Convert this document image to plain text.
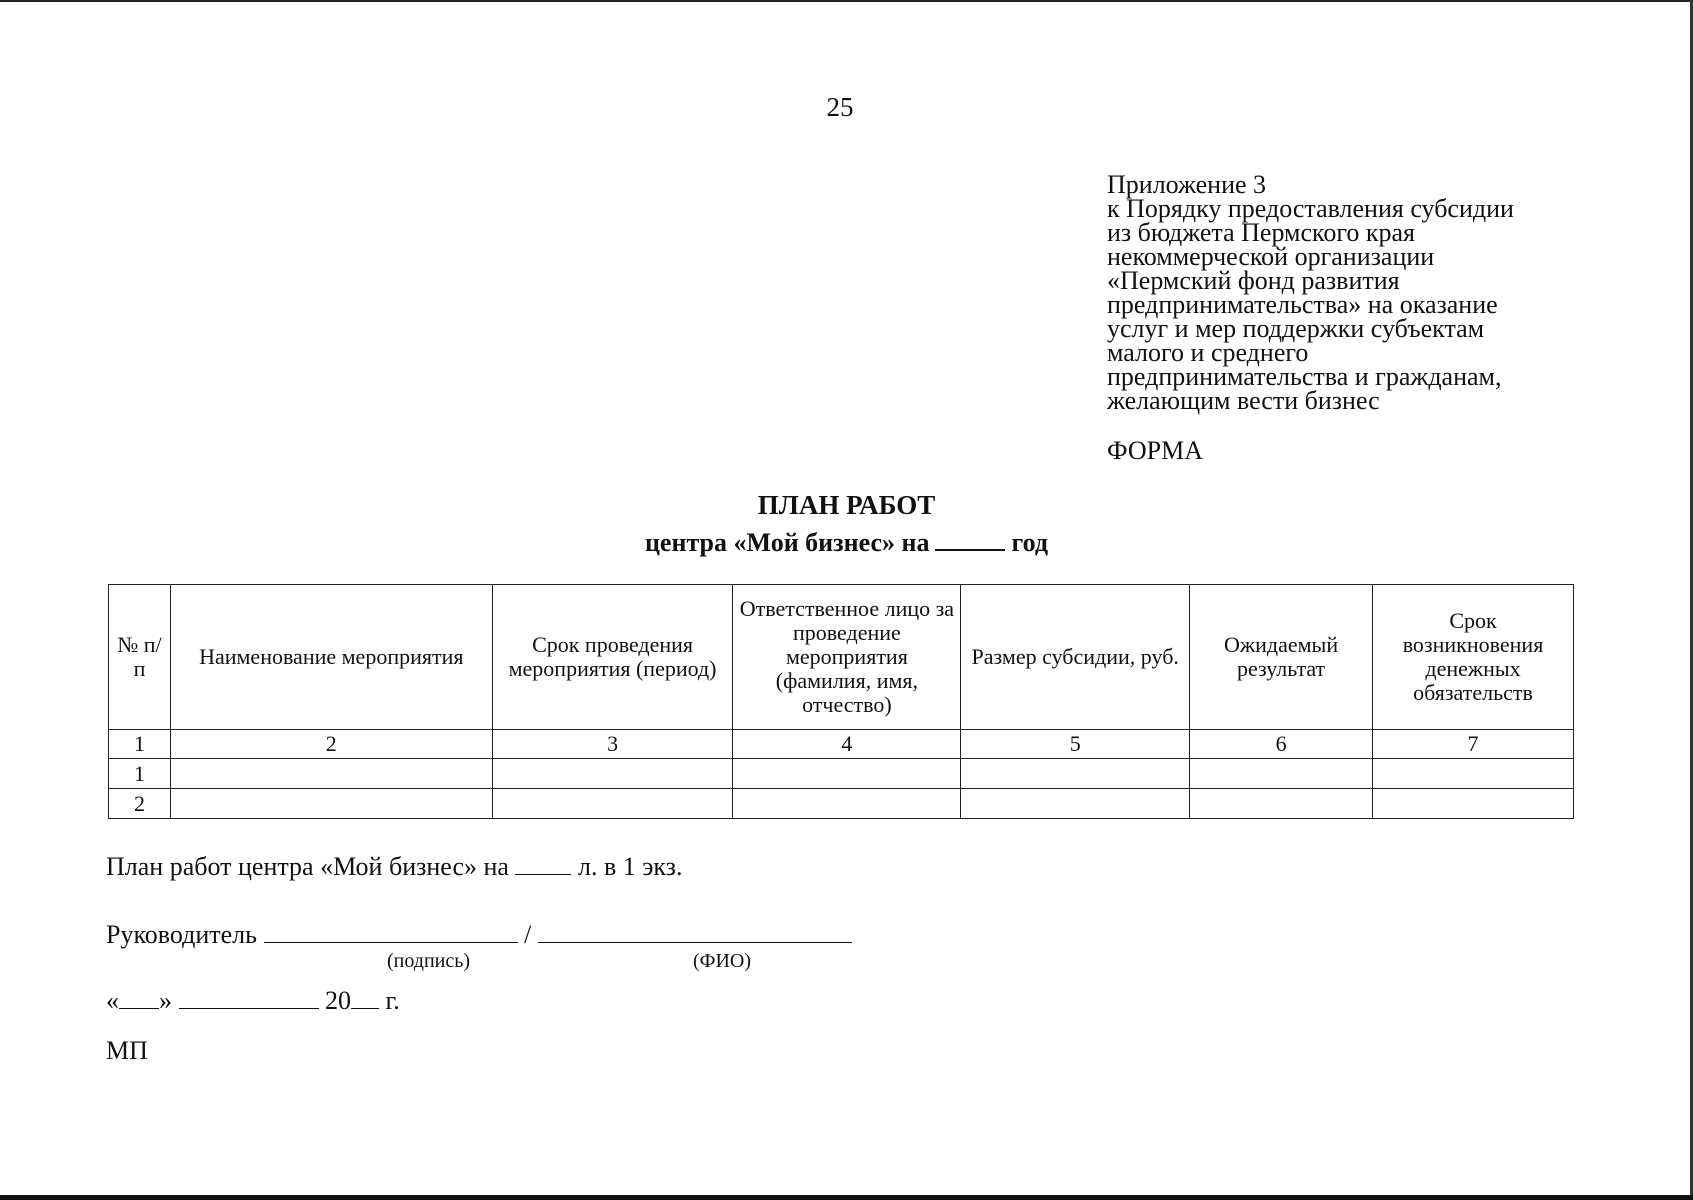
25
Приложение 3
к Порядку предоставления субсидии
из бюджета Пермского края
некоммерческой организации
«Пермский фонд развития
предпринимательства» на оказание
услуг и мер поддержки субъектам
малого и среднего
предпринимательства и гражданам,
желающим вести бизнес
ФОРМА
ПЛАН РАБОТ
центра «Мой бизнес» на	год
№ п/п	Наименование мероприятия	Срок проведения мероприятия (период)	Ответственное лицо за проведение мероприятия (фамилия, имя, отчество)	Размер субсидии, руб.	Ожидаемый результат	Срок возникновения денежных обязательств
1	2	3	4	5	6	7
1						
2						
План работ центра «Мой бизнес» на	л. в 1 экз.
Руководитель	/
(подпись)	(ФИО)
« »	20 г.
МП
